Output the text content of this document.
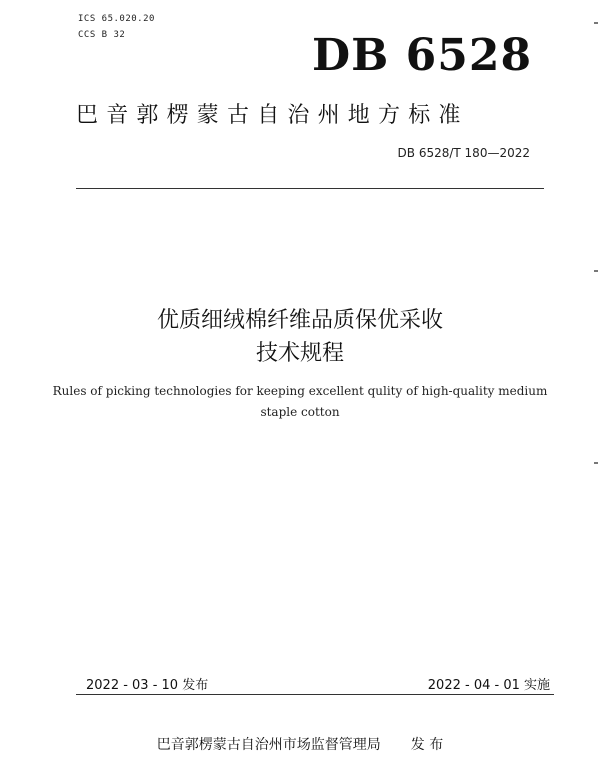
ICS 65.020.20
CCS B 32	DB 6528
巴音郭楞蒙古自治州地方标准
DB 6528/T 180—2022
优质细绒棉纤维品质保优采收
技术规程
Rules of picking technologies for keeping excellent qulity of high-quality medium
staple cotton
2022 - 03 - 10 发布	2022 - 04 - 01 实施
巴音郭楞蒙古自治州市场监督管理局 发 布
